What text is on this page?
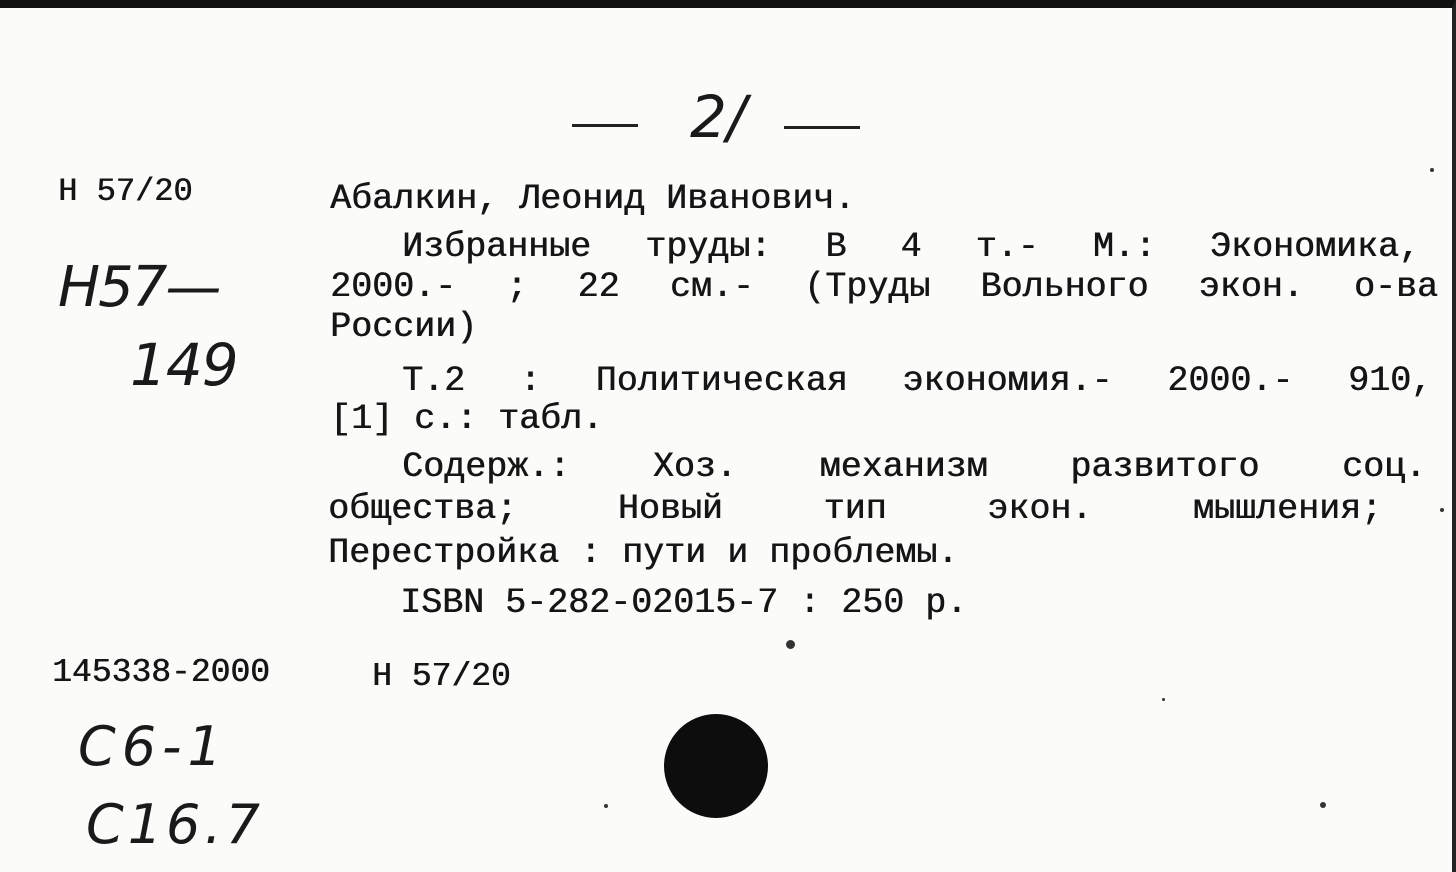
2/
Н 57/20
Н57—
149
Абалкин, Леонид Иванович.
Избранные труды: В 4 т.- М.: Экономика,
2000.- ; 22 см.- (Труды Вольного экон. о-ва
России)
Т.2 : Политическая экономия.- 2000.- 910,
[1] с.: табл.
Содерж.: Хоз. механизм развитого соц.
общества;	Новый	тип	экон.	мышления;
Перестройка : пути и проблемы.
ISBN 5-282-02015-7 : 250 р.
145338-2000	Н 57/20
С6-1
С16.7
